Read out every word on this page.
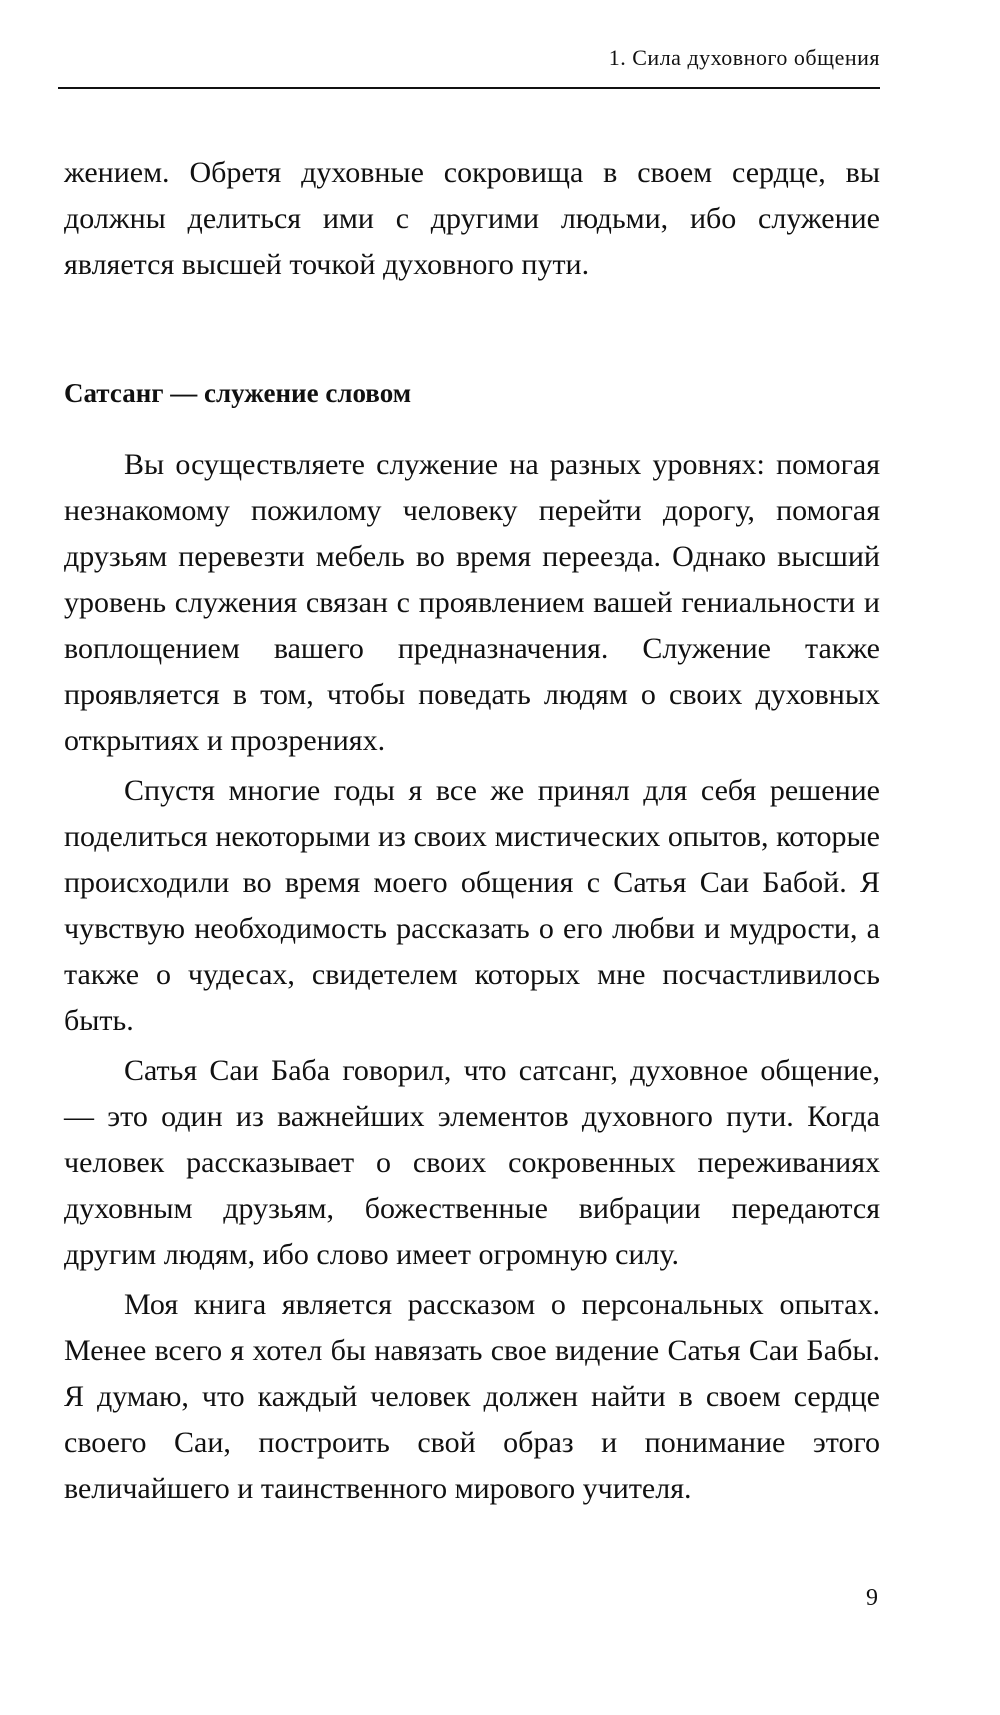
1. Сила духовного общения

жением. Обретя духовные сокровища в своем сердце, вы должны делиться ими с другими людьми, ибо служение является высшей точкой духовного пути.

Сатсанг — служение словом

Вы осуществляете служение на разных уровнях: помогая незнакомому пожилому человеку перейти дорогу, помогая друзьям перевезти мебель во время переезда. Однако высший уровень служения связан с проявлением вашей гениальности и воплощением вашего предназначения. Служение также проявляется в том, чтобы поведать людям о своих духовных открытиях и прозрениях.

Спустя многие годы я все же принял для себя решение поделиться некоторыми из своих мистических опытов, которые происходили во время моего общения с Сатья Саи Бабой. Я чувствую необходимость рассказать о его любви и мудрости, а также о чудесах, свидетелем которых мне посчастливилось быть.

Сатья Саи Баба говорил, что сатсанг, духовное общение, — это один из важнейших элементов духовного пути. Когда человек рассказывает о своих сокровенных переживаниях духовным друзьям, божественные вибрации передаются другим людям, ибо слово имеет огромную силу.

Моя книга является рассказом о персональных опытах. Менее всего я хотел бы навязать свое видение Сатья Саи Бабы. Я думаю, что каждый человек должен найти в своем сердце своего Саи, построить свой образ и понимание этого величайшего и таинственного мирового учителя.

9
